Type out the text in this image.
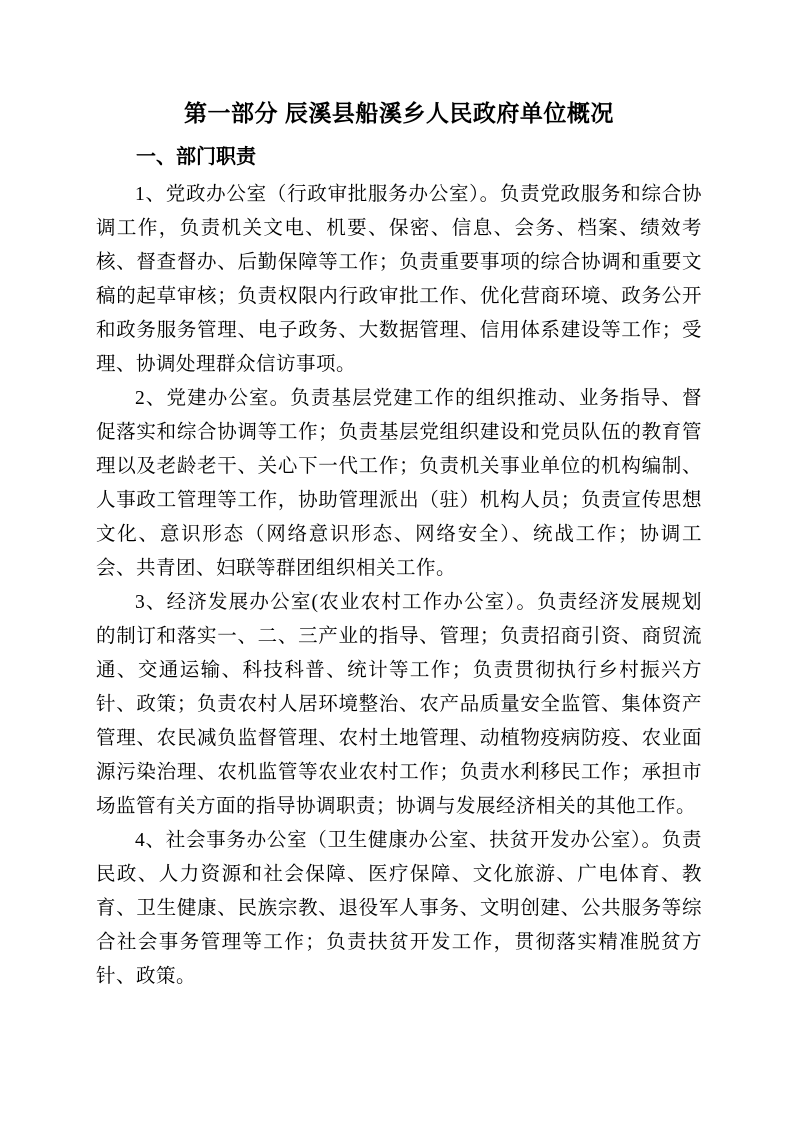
第一部分 辰溪县船溪乡人民政府单位概况
一、部门职责

1、党政办公室（行政审批服务办公室）。负责党政服务和综合协调工作，负责机关文电、机要、保密、信息、会务、档案、绩效考核、督查督办、后勤保障等工作；负责重要事项的综合协调和重要文稿的起草审核；负责权限内行政审批工作、优化营商环境、政务公开和政务服务管理、电子政务、大数据管理、信用体系建设等工作；受理、协调处理群众信访事项。

2、党建办公室。负责基层党建工作的组织推动、业务指导、督促落实和综合协调等工作；负责基层党组织建设和党员队伍的教育管理以及老龄老干、关心下一代工作；负责机关事业单位的机构编制、人事政工管理等工作，协助管理派出（驻）机构人员；负责宣传思想文化、意识形态（网络意识形态、网络安全）、统战工作；协调工会、共青团、妇联等群团组织相关工作。

3、经济发展办公室(农业农村工作办公室）。负责经济发展规划的制订和落实一、二、三产业的指导、管理；负责招商引资、商贸流通、交通运输、科技科普、统计等工作；负责贯彻执行乡村振兴方针、政策；负责农村人居环境整治、农产品质量安全监管、集体资产管理、农民减负监督管理、农村土地管理、动植物疫病防疫、农业面源污染治理、农机监管等农业农村工作；负责水利移民工作；承担市场监管有关方面的指导协调职责；协调与发展经济相关的其他工作。

4、社会事务办公室（卫生健康办公室、扶贫开发办公室）。负责民政、人力资源和社会保障、医疗保障、文化旅游、广电体育、教育、卫生健康、民族宗教、退役军人事务、文明创建、公共服务等综合社会事务管理等工作；负责扶贫开发工作，贯彻落实精准脱贫方针、政策。
